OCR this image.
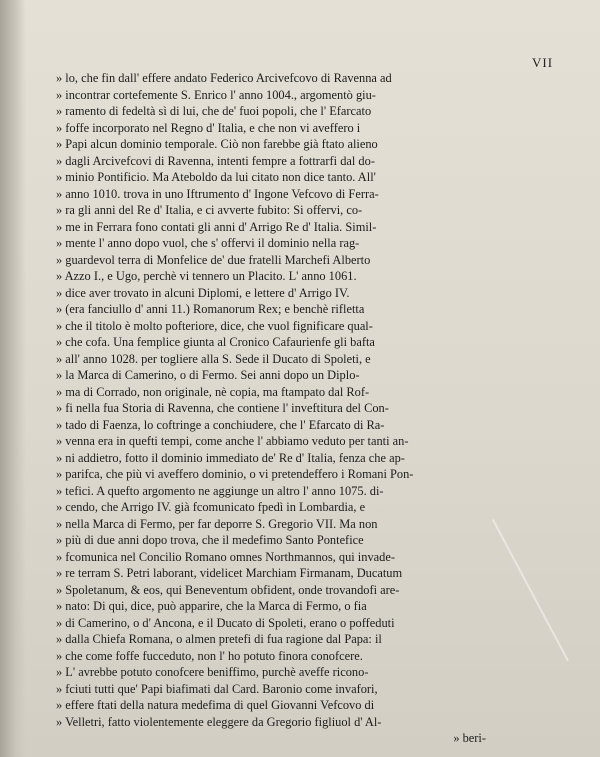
VII
» lo, che fin dall' effere andato Federico Arcivefcovo di Ravenna ad
» incontrar cortefemente S. Enrico l' anno 1004., argomentò giu-
» ramento di fedeltà sì di lui, che de' fuoi popoli, che l' Efarcato
» foffe incorporato nel Regno d' Italia, e che non vi aveffero i
» Papi alcun dominio temporale. Ciò non farebbe già ftato alieno
» dagli Arcivefcovi di Ravenna, intenti fempre a fottrarfi dal do-
» minio Pontificio. Ma Ateboldo da lui citato non dice tanto. All'
» anno 1010. trova in uno Iftrumento d' Ingone Vefcovo di Ferra-
» ra gli anni del Re d' Italia, e ci avverte fubito: Si offervi, co-
» me in Ferrara fono contati gli anni d' Arrigo Re d' Italia. Simil-
» mente l' anno dopo vuol, che s' offervi il dominio nella rag-
» guardevol terra di Monfelice de' due fratelli Marchefi Alberto
» Azzo I., e Ugo, perchè vi tennero un Placito. L' anno 1061.
» dice aver trovato in alcuni Diplomi, e lettere d' Arrigo IV.
» (era fanciullo d' anni 11.) Romanorum Rex; e benchè rifletta
» che il titolo è molto pofteriore, dice, che vuol fignificare qual-
» che cofa. Una femplice giunta al Cronico Cafaurienfe gli bafta
» all' anno 1028. per togliere alla S. Sede il Ducato di Spoleti, e
» la Marca di Camerino, o di Fermo. Sei anni dopo un Diplo-
» ma di Corrado, non originale, nè copia, ma ftampato dal Rof-
» fi nella fua Storia di Ravenna, che contiene l' inveftitura del Con-
» tado di Faenza, lo coftringe a conchiudere, che l' Efarcato di Ra-
» venna era in quefti tempi, come anche l' abbiamo veduto per tanti an-
» ni addietro, fotto il dominio immediato de' Re d' Italia, fenza che ap-
» parifca, che più vi aveffero dominio, o vi pretendeffero i Romani Pon-
» tefici. A quefto argomento ne aggiunge un altro l' anno 1075. di-
» cendo, che Arrigo IV. già fcomunicato fpedì in Lombardia, e
» nella Marca di Fermo, per far deporre S. Gregorio VII. Ma non
» più di due anni dopo trova, che il medefimo Santo Pontefice
» fcomunica nel Concilio Romano omnes Northmannos, qui invade-
» re terram S. Petri laborant, videlicet Marchiam Firmanam, Ducatum
» Spoletanum, & eos, qui Beneventum obfident, onde trovandofi are-
» nato: Di qui, dice, può apparire, che la Marca di Fermo, o fia
» di Camerino, o d' Ancona, e il Ducato di Spoleti, erano o poffeduti
» dalla Chiefa Romana, o almen pretefi di fua ragione dal Papa: il
» che come foffe fucceduto, non l' ho potuto finora conofcere.
» L' avrebbe potuto conofcere beniffimo, purchè aveffe ricono-
» fciuti tutti que' Papi biafimati dal Card. Baronio come invafori,
» effere ftati della natura medefima di quel Giovanni Vefcovo di
» Velletri, fatto violentemente eleggere da Gregorio figliuol d' Al-
» beri-
